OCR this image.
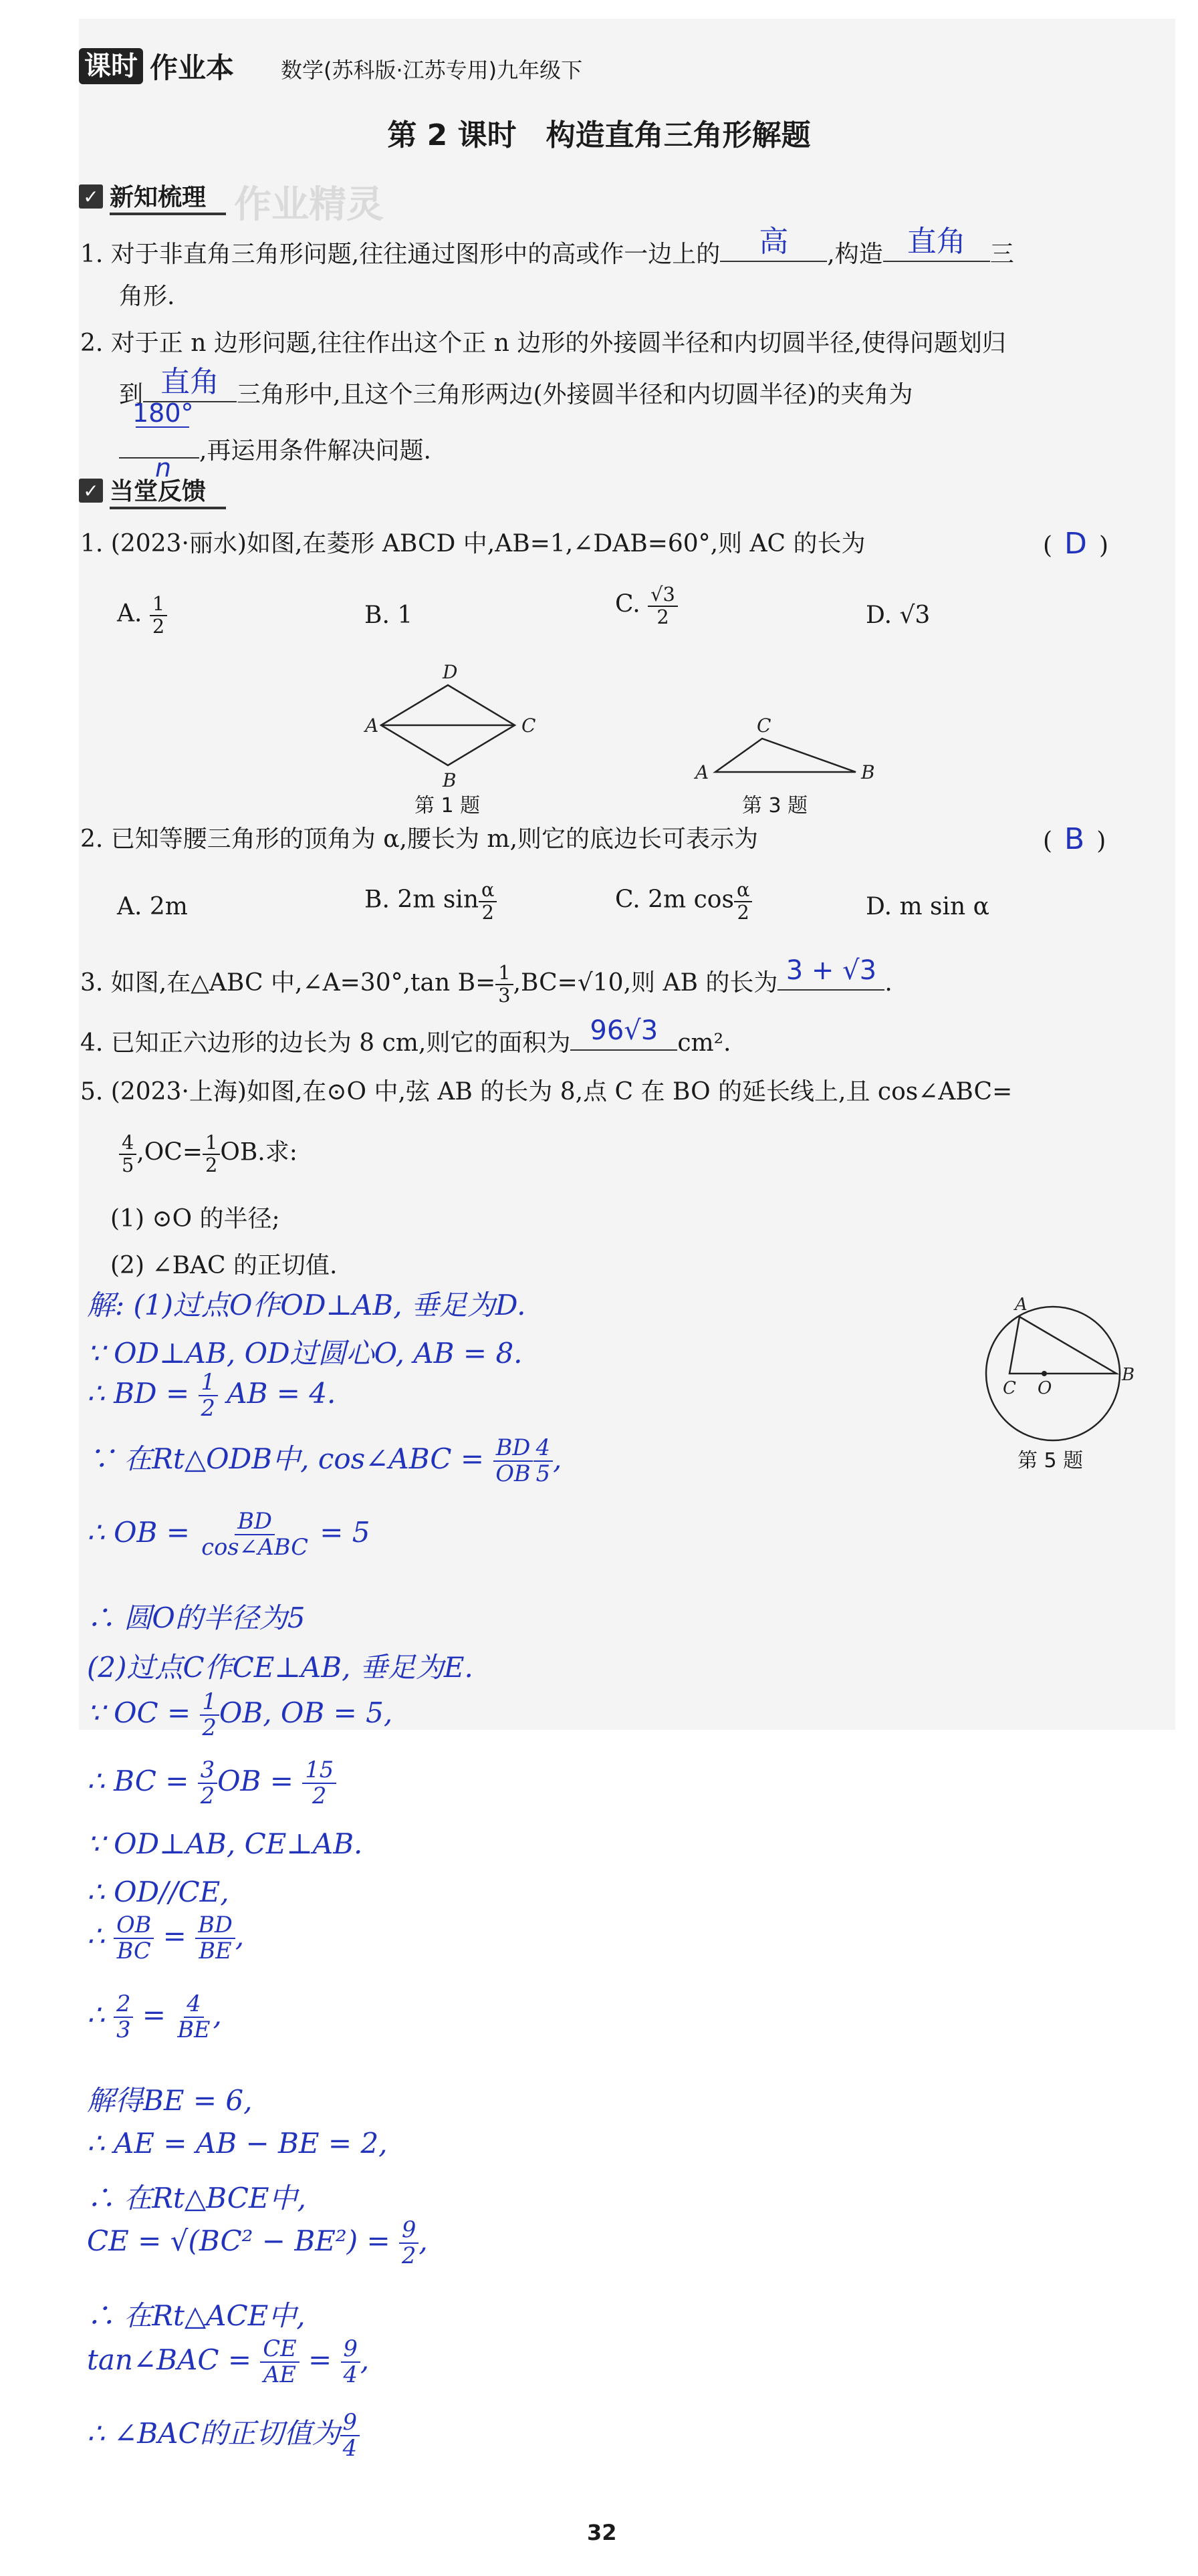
课时 作业本 数学(苏科版·江苏专用)九年级下
第 2 课时　构造直角三角形解题
✓ 新知梳理 作业精灵
1. 对于非直角三角形问题,往往通过图形中的高或作一边上的	高	,构造 直角	三
角形.
2. 对于正 n 边形问题,往往作出这个正 n 边形的外接圆半径和内切圆半径,使得问题划归
到 直角 三角形中,且这个三角形两边(外接圆半径和内切圆半径)的夹角为
$\frac{180^\circ}{n}$ ,再运用条件解决问题.
✓ 当堂反馈
1. (2023·丽水)如图,在菱形 ABCD 中,AB=1,∠DAB=60°,则 AC 的长为	( D )
A. $\frac{1}{2}$	B. 1	C. $\frac{√3}{2}$	D. √3
A
B
C
D
第 1 题
A	B
C
第 3 题
2. 已知等腰三角形的顶角为 α,腰长为 m,则它的底边长可表示为	( B )
A. 2m	B. 2m $\sin \frac{\alpha}{2}$	C. 2m $\cos \frac{\alpha}{2}$	D. m sin α
3. 如图,在△ABC 中,∠A=30°,tan $B= \frac{1}{3} ,BC=√10$,则 AB 的长为 3 + √3 .
4. 已知正六边形的边长为 8 cm,则它的面积为 96√3 cm².
5. (2023·上海)如图,在⊙O 中,弦 AB 的长为 8,点 C 在 BO 的延长线上,且 cos∠ABC=
$\frac{4}{5} ,OC= \frac{1}{2}$ OB.求:
(1) ⊙O 的半径;
(2) ∠BAC 的正切值.
A
B
C O
第 5 题
解: (1)过点O作OD⊥AB, 垂足为D.
∵ OD⊥AB, OD过圆心O, AB = 8.
∴ BD = $\frac{1}{2}$ AB = 4.
∵ 在Rt△ODB中, cos∠ABC = $\frac{BD}{OB} \frac{4}{5}$ ,
∴ OB = $\frac{BD}{\text{cos∠ABC}} = 5$
∴ 圆O的半径为5
(2)过点C作CE⊥AB, 垂足为E.
∵ OC = $\frac{1}{2}$ OB, OB = 5,
∴ BC = $\frac{3}{2}$ OB = $\frac{15}{2}$
∵ OD⊥AB, CE⊥AB.
∴ OD//CE,
∴ $\frac{OB}{BC} = \frac{BD}{BE}$ ,
∴ $\frac{2}{3} = \frac{4}{BE}$ ,
解得BE = 6,
∴ AE = AB − BE = 2,
∴ 在Rt△BCE中,
CE = $√(BC^2 - BE^2) = \frac{9}{2}$ ,
∴ 在Rt△ACE中,
tan∠BAC = $\frac{CE}{AE} = \frac{9}{4}$ ,
∴ ∠BAC的正切值为 $\frac{9}{4}$
32
